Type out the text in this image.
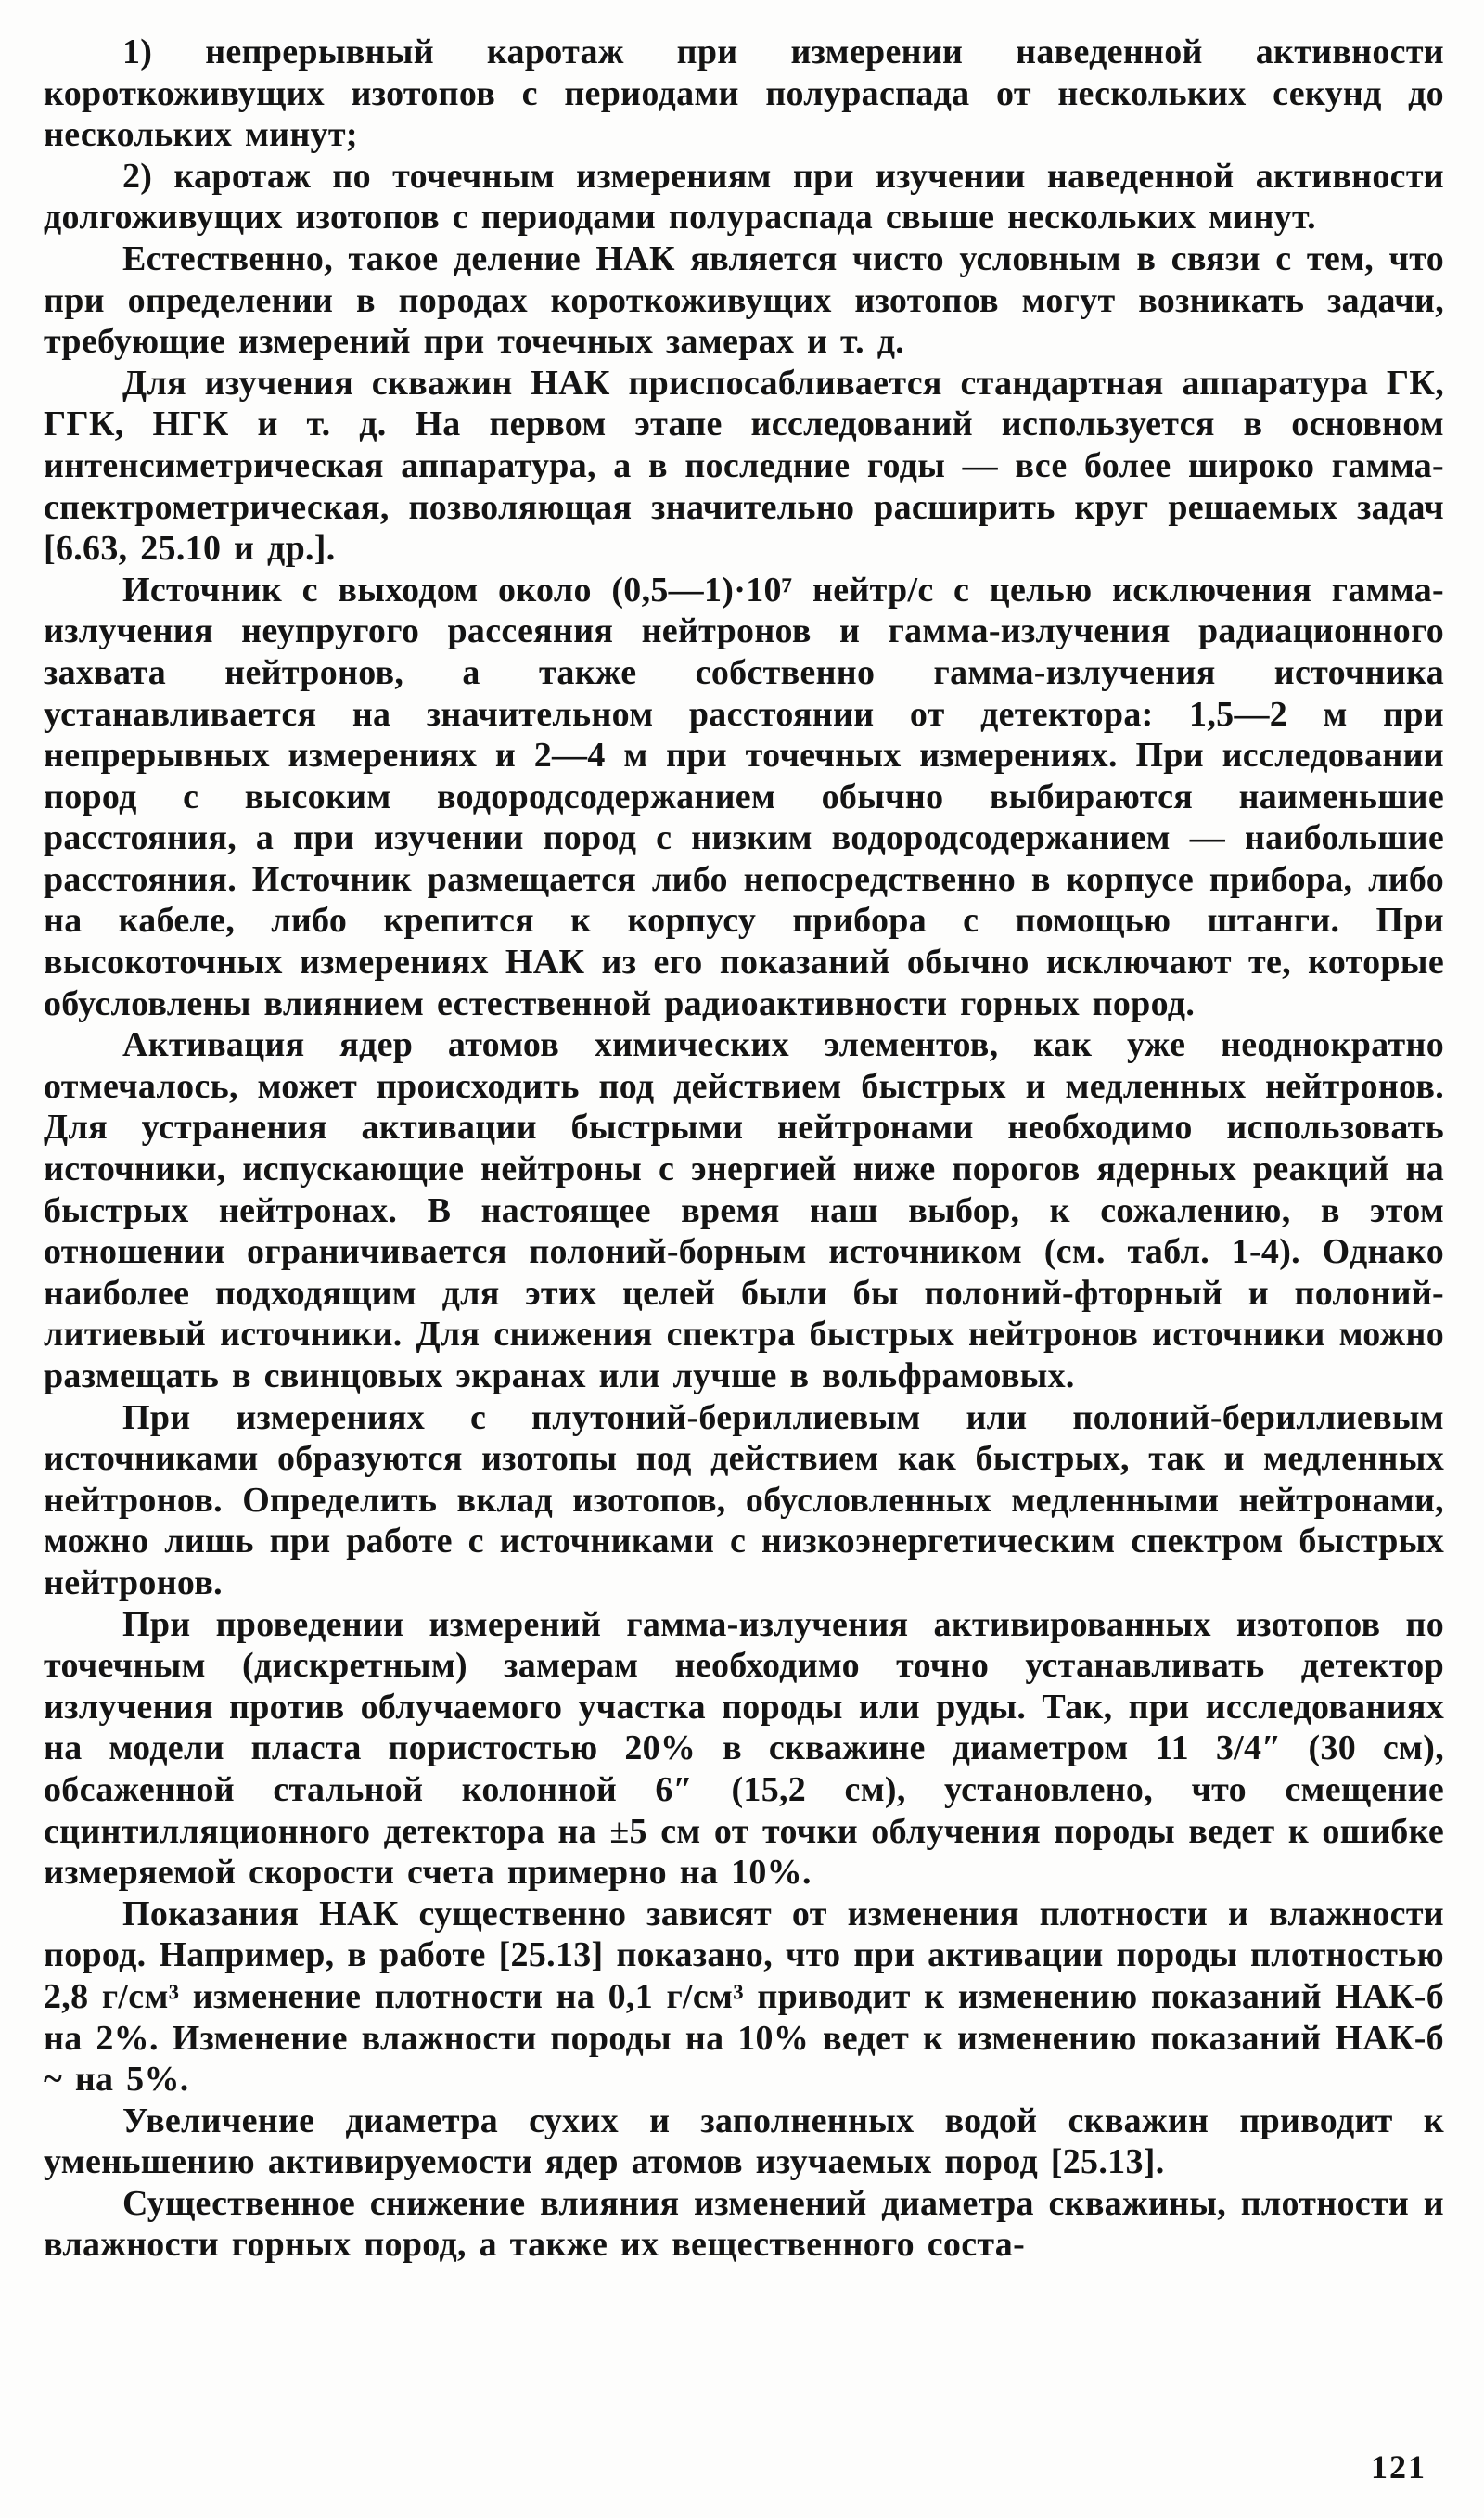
1) непрерывный каротаж при измерении наведенной активности короткоживущих изотопов с периодами полураспада от нескольких секунд до нескольких минут;

2) каротаж по точечным измерениям при изучении наведенной активности долгоживущих изотопов с периодами полураспада свыше нескольких минут.

Естественно, такое деление НАК является чисто условным в связи с тем, что при определении в породах короткоживущих изотопов могут возникать задачи, требующие измерений при точечных замерах и т. д.

Для изучения скважин НАК приспосабливается стандартная аппаратура ГК, ГГК, НГК и т. д. На первом этапе исследований используется в основном интенсиметрическая аппаратура, а в последние годы — все более широко гамма-спектрометрическая, позволяющая значительно расширить круг решаемых задач [6.63, 25.10 и др.].

Источник с выходом около (0,5—1)·10⁷ нейтр/с с целью исключения гамма-излучения неупругого рассеяния нейтронов и гамма-излучения радиационного захвата нейтронов, а также собственно гамма-излучения источника устанавливается на значительном расстоянии от детектора: 1,5—2 м при непрерывных измерениях и 2—4 м при точечных измерениях. При исследовании пород с высоким водородсодержанием обычно выбираются наименьшие расстояния, а при изучении пород с низким водородсодержанием — наибольшие расстояния. Источник размещается либо непосредственно в корпусе прибора, либо на кабеле, либо крепится к корпусу прибора с помощью штанги. При высокоточных измерениях НАК из его показаний обычно исключают те, которые обусловлены влиянием естественной радиоактивности горных пород.

Активация ядер атомов химических элементов, как уже неоднократно отмечалось, может происходить под действием быстрых и медленных нейтронов. Для устранения активации быстрыми нейтронами необходимо использовать источники, испускающие нейтроны с энергией ниже порогов ядерных реакций на быстрых нейтронах. В настоящее время наш выбор, к сожалению, в этом отношении ограничивается полоний-борным источником (см. табл. 1-4). Однако наиболее подходящим для этих целей были бы полоний-фторный и полоний-литиевый источники. Для снижения спектра быстрых нейтронов источники можно размещать в свинцовых экранах или лучше в вольфрамовых.

При измерениях с плутоний-бериллиевым или полоний-бериллиевым источниками образуются изотопы под действием как быстрых, так и медленных нейтронов. Определить вклад изотопов, обусловленных медленными нейтронами, можно лишь при работе с источниками с низкоэнергетическим спектром быстрых нейтронов.

При проведении измерений гамма-излучения активированных изотопов по точечным (дискретным) замерам необходимо точно устанавливать детектор излучения против облучаемого участка породы или руды. Так, при исследованиях на модели пласта пористостью 20% в скважине диаметром 11 3/4″ (30 см), обсаженной стальной колонной 6″ (15,2 см), установлено, что смещение сцинтилляционного детектора на ±5 см от точки облучения породы ведет к ошибке измеряемой скорости счета примерно на 10%.

Показания НАК существенно зависят от изменения плотности и влажности пород. Например, в работе [25.13] показано, что при активации породы плотностью 2,8 г/см³ изменение плотности на 0,1 г/см³ приводит к изменению показаний НАК-б на 2%. Изменение влажности породы на 10% ведет к изменению показаний НАК-б ~ на 5%.

Увеличение диаметра сухих и заполненных водой скважин приводит к уменьшению активируемости ядер атомов изучаемых пород [25.13].

Существенное снижение влияния изменений диаметра скважины, плотности и влажности горных пород, а также их вещественного соста-

121
